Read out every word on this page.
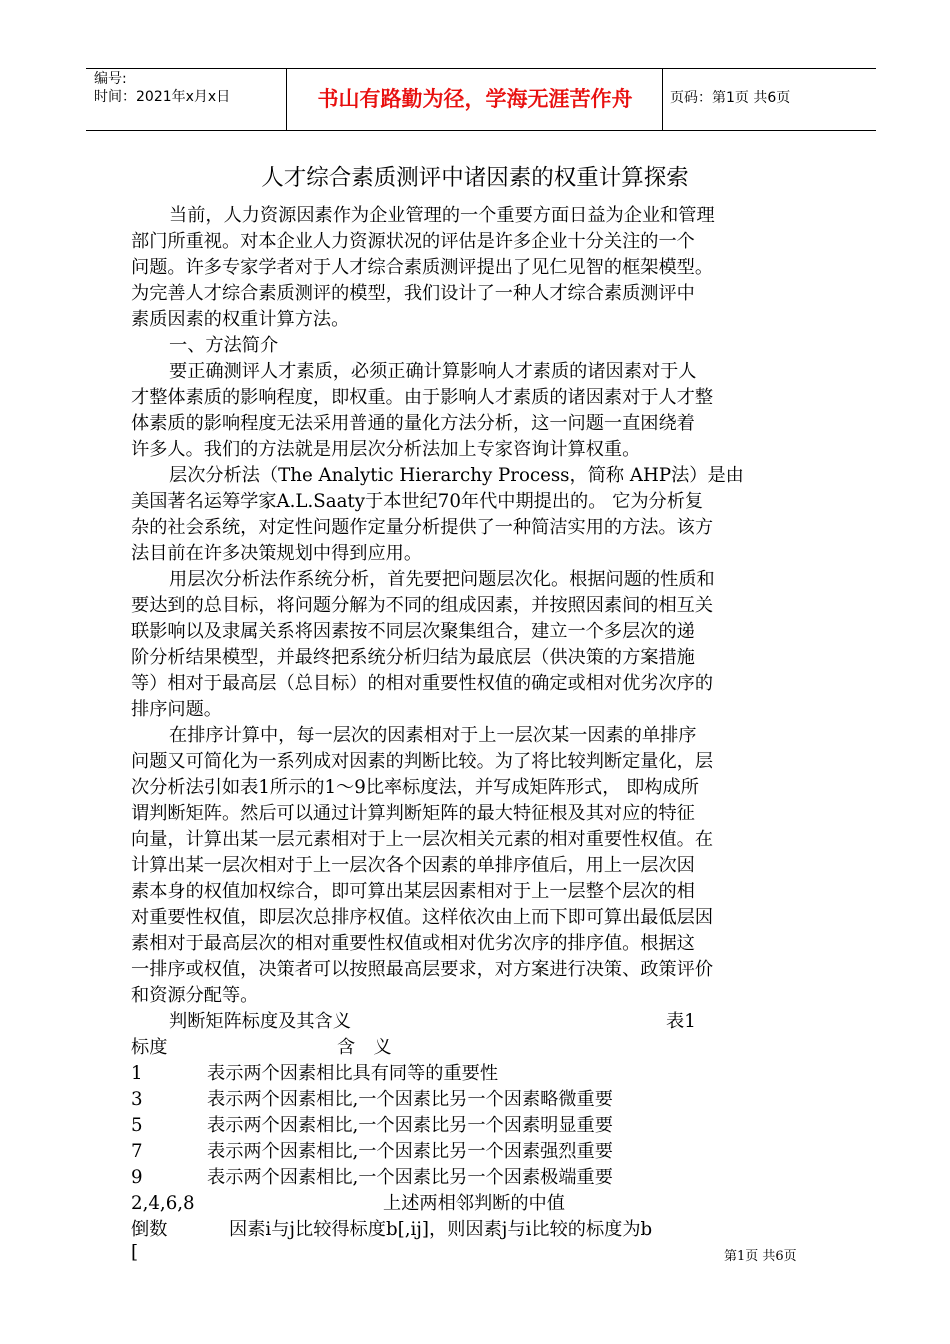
编号:
时间：2021年x月x日	书山有路勤为径，学海无涯苦作舟	页码：第1页 共6页
人才综合素质测评中诸因素的权重计算探索
当前，人力资源因素作为企业管理的一个重要方面日益为企业和管理
部门所重视。对本企业人力资源状况的评估是许多企业十分关注的一个
问题。许多专家学者对于人才综合素质测评提出了见仁见智的框架模型。
为完善人才综合素质测评的模型，我们设计了一种人才综合素质测评中
素质因素的权重计算方法。
一、方法简介
要正确测评人才素质，必须正确计算影响人才素质的诸因素对于人
才整体素质的影响程度，即权重。由于影响人才素质的诸因素对于人才整
体素质的影响程度无法采用普通的量化方法分析，这一问题一直困绕着
许多人。我们的方法就是用层次分析法加上专家咨询计算权重。
层次分析法（The Analytic Hierarchy Process，简称 AHP法）是由
美国著名运筹学家A.L.Saaty于本世纪70年代中期提出的。 它为分析复
杂的社会系统，对定性问题作定量分析提供了一种简洁实用的方法。该方
法目前在许多决策规划中得到应用。
用层次分析法作系统分析，首先要把问题层次化。根据问题的性质和
要达到的总目标，将问题分解为不同的组成因素，并按照因素间的相互关
联影响以及隶属关系将因素按不同层次聚集组合，建立一个多层次的递
阶分析结果模型，并最终把系统分析归结为最底层（供决策的方案措施
等）相对于最高层（总目标）的相对重要性权值的确定或相对优劣次序的
排序问题。
在排序计算中，每一层次的因素相对于上一层次某一因素的单排序
问题又可简化为一系列成对因素的判断比较。为了将比较判断定量化，层
次分析法引如表1所示的1～9比率标度法，并写成矩阵形式， 即构成所
谓判断矩阵。然后可以通过计算判断矩阵的最大特征根及其对应的特征
向量，计算出某一层元素相对于上一层次相关元素的相对重要性权值。在
计算出某一层次相对于上一层次各个因素的单排序值后，用上一层次因
素本身的权值加权综合，即可算出某层因素相对于上一层整个层次的相
对重要性权值，即层次总排序权值。这样依次由上而下即可算出最低层因
素相对于最高层次的相对重要性权值或相对优劣次序的排序值。根据这
一排序或权值，决策者可以按照最高层要求，对方案进行决策、政策评价
和资源分配等。
判断矩阵标度及其含义	表1
标度	含　义
1	表示两个因素相比具有同等的重要性
3	表示两个因素相比,一个因素比另一个因素略微重要
5	表示两个因素相比,一个因素比另一个因素明显重要
7	表示两个因素相比,一个因素比另一个因素强烈重要
9	表示两个因素相比,一个因素比另一个因素极端重要
2,4,6,8	上述两相邻判断的中值
倒数	因素i与j比较得标度b[,ij]，则因素j与i比较的标度为b
[	第1页 共6页
